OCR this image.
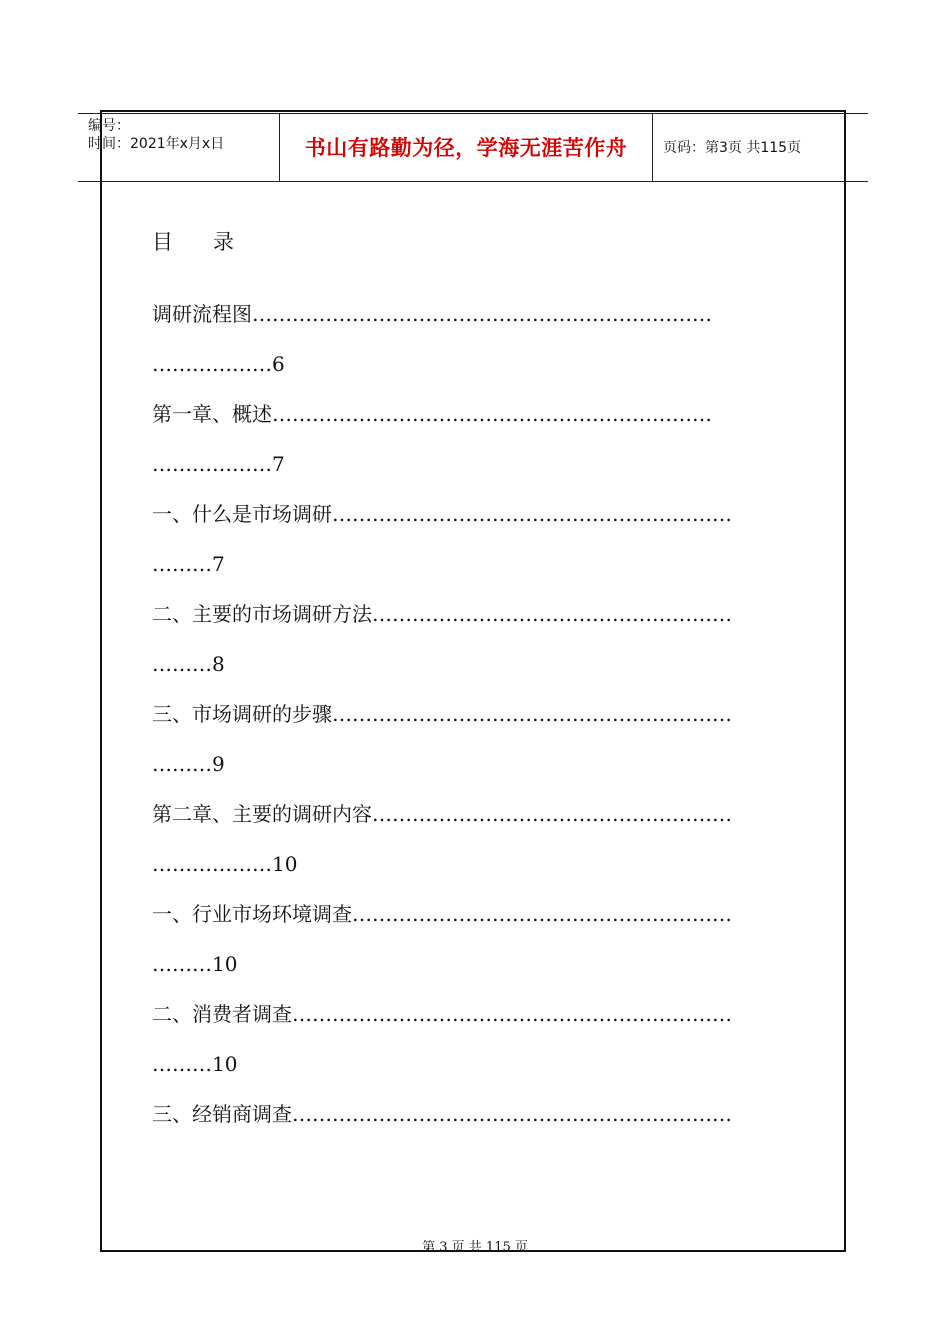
编号：
时间：2021年x月x日	书山有路勤为径，学海无涯苦作舟	页码：第3页 共115页
目 录
调研流程图……………………………………………………………
………………6
第一章、概述…………………………………………………………
………………7
一、什么是市场调研……………………………………………………
………7
二、主要的市场调研方法………………………………………………
………8
三、市场调研的步骤……………………………………………………
………9
第二章、主要的调研内容………………………………………………
………………10
一、行业市场环境调查…………………………………………………
………10
二、消费者调查…………………………………………………………
………10
三、经销商调查…………………………………………………………
第 3 页 共 115 页
